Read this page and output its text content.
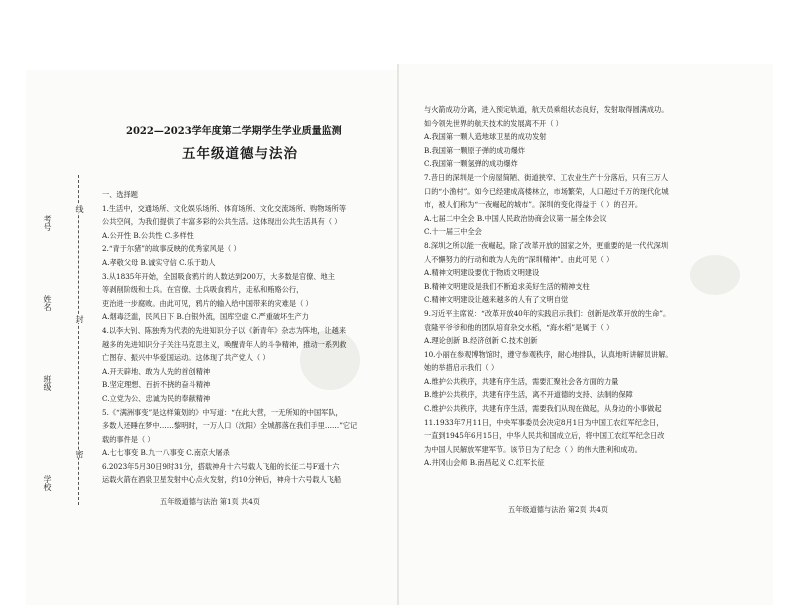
学校
班级
姓名
考号
密
封
线
2022—2023学年度第二学期学生学业质量监测
五年级道德与法治

一、选择题

1.生活中，交通场所、文化娱乐场所、体育场所、文化交流场所、购物场所等

公共空间，为我们提供了丰富多彩的公共生活。这体现出公共生活具有（ ）

A.公开性 B.公共性 C.多样性

2.“青于尔猪”的故事反映的优秀家风是（ ）

A.孝敬父母 B.诚实守信 C.乐于助人

3.从1835年开始，全国吸食鸦片的人数达到200万，大多数是官僚、地主

等剥削阶级和士兵。在官僚、士兵吸食鸦片，走私和贿赂公行，

吏治进一步腐败。由此可见，鸦片的输入给中国带来的灾难是（ ）

A.烟毒泛滥，民风日下 B.白银外流，国库空虚 C.严重破坏生产力

4.以李大钊、陈独秀为代表的先进知识分子以《新青年》杂志为阵地，让越来

越多的先进知识分子关注马克思主义，唤醒青年人的斗争精神，推动一系列救

亡图存、振兴中华爱国运动。这体现了共产党人（ ）

A.开天辟地、敢为人先的首创精神

B.坚定理想、百折不挠的奋斗精神

C.立党为公、忠诚为民的奉献精神

5.《“满洲事变”是这样策划的》中写道：“在此大营，一无所知的中国军队，

多数人还睡在梦中……黎明时，一万人口（沈阳）全城都落在我们手里……”它记

载的事件是（ ）

A.七七事变 B.九一八事变 C.南京大屠杀

6.2023年5月30日9时31分，搭载神舟十六号载人飞船的长征二号F遥十六

运载火箭在酒泉卫星发射中心点火发射，约10分钟后，神舟十六号载人飞船

与火箭成功分离，进入预定轨道，航天员乘组状态良好，发射取得圆满成功。

如今领先世界的航天技术的发展离不开（ ）

A.我国第一颗人造地球卫星的成功发射

B.我国第一颗原子弹的成功爆炸

C.我国第一颗氢弹的成功爆炸

7.昔日的深圳是一个房屋简陋、街道狭窄、工农业生产十分落后，只有三万人

口的“小渔村”。如今已经建成高楼林立，市场繁荣，人口超过千万的现代化城

市，被人们称为“一夜崛起的城市”。深圳的变化得益于（ ）的召开。

A.七届二中全会 B.中国人民政治协商会议第一届全体会议

C.十一届三中全会

8.深圳之所以能一夜崛起，除了改革开放的国家之外，更重要的是一代代深圳

人不懈努力的行动和敢为人先的“深圳精神”。由此可见（ ）

A.精神文明建设要优于物质文明建设

B.精神文明建设是我们不断追求美好生活的精神支柱

C.精神文明建设让越来越多的人有了文明自觉

9.习近平主席说：“改革开放40年的实践启示我们：创新是改革开放的生命”。

袁隆平爷爷和他的团队培育杂交水稻，“海水稻”是属于（ ）

A.理论创新 B.经济创新 C.技术创新

10.小丽在参观博物馆时，遵守参观秩序，耐心地排队，认真地听讲解员讲解。

她的举措启示我们（ ）

A.维护公共秩序，共建有序生活，需要汇聚社会各方面的力量

B.维护公共秩序，共建有序生活，离不开道德的支持、法制的保障

C.维护公共秩序，共建有序生活，需要我们从现在做起，从身边的小事做起

11.1933年7月11日，中央军事委员会决定8月1日为中国工农红军纪念日，

一直到1945年6月15日，中华人民共和国成立后，将中国工农红军纪念日改

为中国人民解放军建军节。该节日为了纪念（ ）的伟大胜利和成功。

A.井冈山会师 B.南昌起义 C.红军长征

五年级道德与法治 第1页 共4页
五年级道德与法治 第2页 共4页
